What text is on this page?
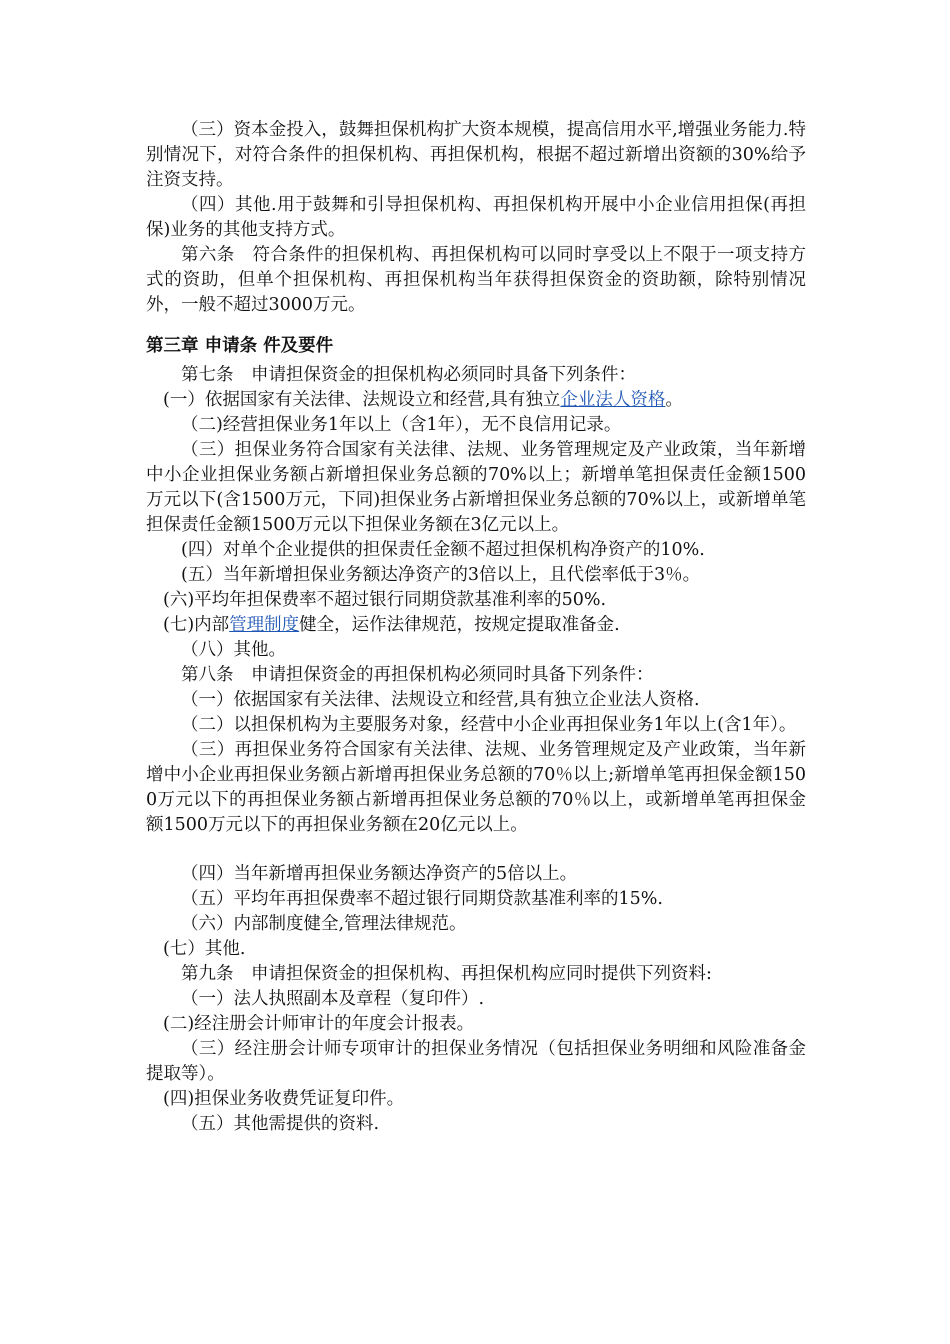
（三）资本金投入，鼓舞担保机构扩大资本规模，提高信用水平,增强业务能力.特别情况下，对符合条件的担保机构、再担保机构，根据不超过新增出资额的30%给予注资支持。

（四）其他.用于鼓舞和引导担保机构、再担保机构开展中小企业信用担保(再担保)业务的其他支持方式。

第六条　符合条件的担保机构、再担保机构可以同时享受以上不限于一项支持方式的资助，但单个担保机构、再担保机构当年获得担保资金的资助额，除特别情况外，一般不超过3000万元。

第三章 申请条 件及要件

第七条　申请担保资金的担保机构必须同时具备下列条件：

(一）依据国家有关法律、法规设立和经营,具有独立企业法人资格。

（二)经营担保业务1年以上（含1年），无不良信用记录。

（三）担保业务符合国家有关法律、法规、业务管理规定及产业政策，当年新增中小企业担保业务额占新增担保业务总额的70%以上；新增单笔担保责任金额1500万元以下(含1500万元，下同)担保业务占新增担保业务总额的70%以上，或新增单笔担保责任金额1500万元以下担保业务额在3亿元以上。

(四）对单个企业提供的担保责任金额不超过担保机构净资产的10%.

(五）当年新增担保业务额达净资产的3倍以上，且代偿率低于3％。

(六)平均年担保费率不超过银行同期贷款基准利率的50%.

(七)内部管理制度健全，运作法律规范，按规定提取准备金.

（八）其他。

第八条　申请担保资金的再担保机构必须同时具备下列条件：

（一）依据国家有关法律、法规设立和经营,具有独立企业法人资格.

（二）以担保机构为主要服务对象，经营中小企业再担保业务1年以上(含1年）。

（三）再担保业务符合国家有关法律、法规、业务管理规定及产业政策，当年新增中小企业再担保业务额占新增再担保业务总额的70％以上;新增单笔再担保金额1500万元以下的再担保业务额占新增再担保业务总额的70％以上，或新增单笔再担保金额1500万元以下的再担保业务额在20亿元以上。

（四）当年新增再担保业务额达净资产的5倍以上。

（五）平均年再担保费率不超过银行同期贷款基准利率的15%.

（六）内部制度健全,管理法律规范。

(七）其他.

第九条　申请担保资金的担保机构、再担保机构应同时提供下列资料:

（一）法人执照副本及章程（复印件）.

(二)经注册会计师审计的年度会计报表。

（三）经注册会计师专项审计的担保业务情况（包括担保业务明细和风险准备金提取等）。

(四)担保业务收费凭证复印件。

（五）其他需提供的资料.
